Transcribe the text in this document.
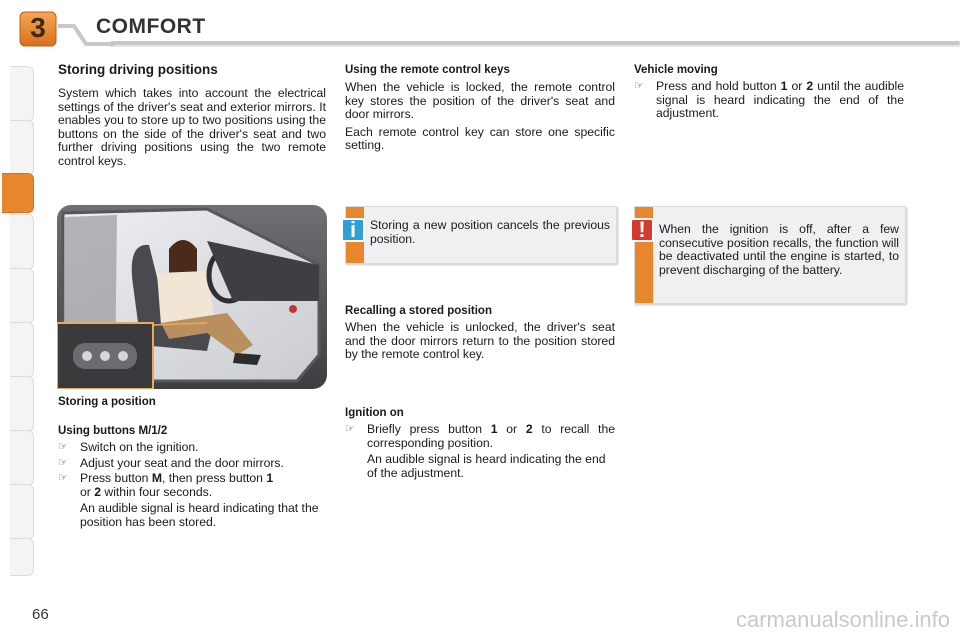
3	COMFORT
Storing driving positions
System which takes into account the electrical settings of the driver's seat and exterior mirrors. It enables you to store up to two positions using the buttons on the side of the driver's seat and two further driving positions using the two remote control keys.
Storing a position
Using buttons M/1/2
☞ Switch on the ignition.
☞ Adjust your seat and the door mirrors.
☞ Press button M, then press button 1
or 2 within four seconds.
An audible signal is heard indicating that the position has been stored.
Using the remote control keys
When the vehicle is locked, the remote control key stores the position of the driver's seat and door mirrors.
Each remote control key can store one specific setting.
Storing a new position cancels the previous position.
i
Recalling a stored position
When the vehicle is unlocked, the driver's seat and the door mirrors return to the position stored by the remote control key.
Ignition on
☞ Briefly press button 1 or 2 to recall the corresponding position.
An audible signal is heard indicating the end of the adjustment.
Vehicle moving
☞ Press and hold button 1 or 2 until the audible signal is heard indicating the end of the adjustment.
When the ignition is off, after a few consecutive position recalls, the function will be deactivated until the engine is started, to prevent discharging of the battery.
!
66	carmanualsonline.info
